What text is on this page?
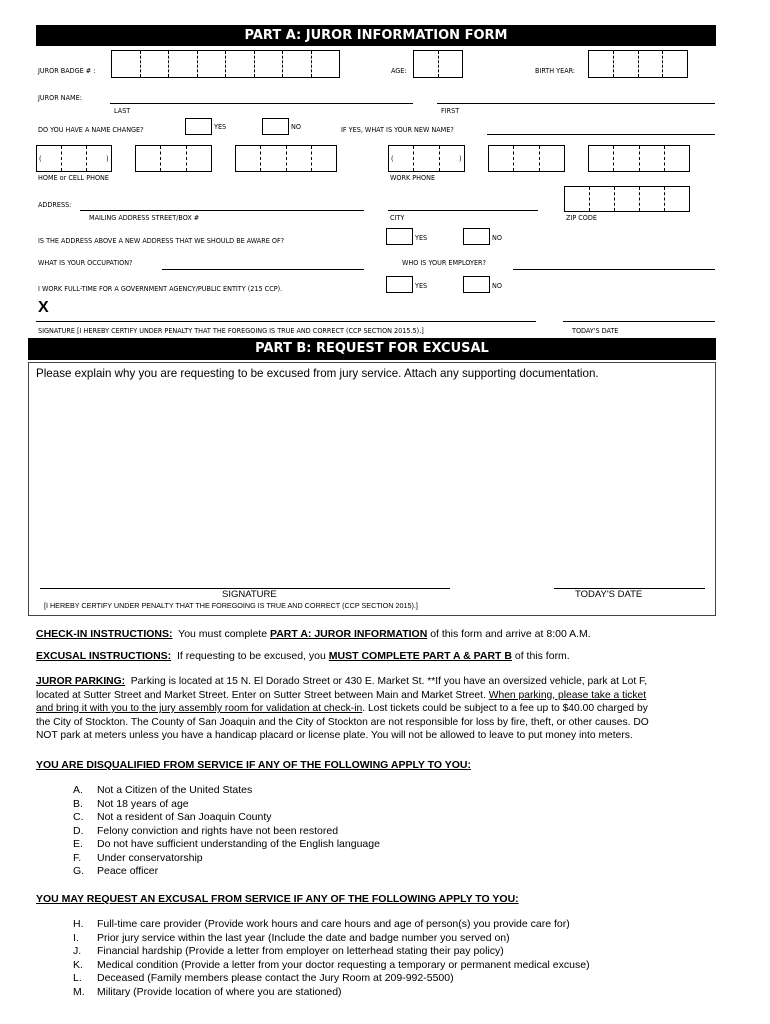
PART A: JUROR INFORMATION FORM
JUROR BADGE # :	AGE:	BIRTH YEAR:
JUROR NAME:
LAST	FIRST
DO YOU HAVE A NAME CHANGE?	YES	NO	IF YES, WHAT IS YOUR NEW NAME?
(	)
HOME or CELL PHONE
(	)
WORK PHONE
ADDRESS:
MAILING ADDRESS STREET/BOX #	CITY	ZIP CODE
IS THE ADDRESS ABOVE A NEW ADDRESS THAT WE SHOULD BE AWARE OF?	YES	NO
WHAT IS YOUR OCCUPATION?	WHO IS YOUR EMPLOYER?
I WORK FULL-TIME FOR A GOVERNMENT AGENCY/PUBLIC ENTITY (215 CCP).	YES	NO
X
SIGNATURE [I HEREBY CERTIFY UNDER PENALTY THAT THE FOREGOING IS TRUE AND CORRECT (CCP SECTION 2015.5).]	TODAY'S DATE
PART B: REQUEST FOR EXCUSAL
Please explain why you are requesting to be excused from jury service. Attach any supporting documentation.
SIGNATURE	TODAY'S DATE
[I HEREBY CERTIFY UNDER PENALTY THAT THE FOREGOING IS TRUE AND CORRECT (CCP SECTION 2015).]
CHECK-IN INSTRUCTIONS: You must complete PART A: JUROR INFORMATION of this form and arrive at 8:00 A.M.
EXCUSAL INSTRUCTIONS: If requesting to be excused, you MUST COMPLETE PART A & PART B of this form.
JUROR PARKING: Parking is located at 15 N. El Dorado Street or 430 E. Market St. **If you have an oversized vehicle, park at Lot F,
located at Sutter Street and Market Street. Enter on Sutter Street between Main and Market Street. When parking, please take a ticket
and bring it with you to the jury assembly room for validation at check-in. Lost tickets could be subject to a fee up to $40.00 charged by
the City of Stockton. The County of San Joaquin and the City of Stockton are not responsible for loss by fire, theft, or other causes. DO
NOT park at meters unless you have a handicap placard or license plate. You will not be allowed to leave to put money into meters.
YOU ARE DISQUALIFIED FROM SERVICE IF ANY OF THE FOLLOWING APPLY TO YOU:
A.	Not a Citizen of the United States
B.	Not 18 years of age
C.	Not a resident of San Joaquin County
D.	Felony conviction and rights have not been restored
E.	Do not have sufficient understanding of the English language
F.	Under conservatorship
G.	Peace officer
YOU MAY REQUEST AN EXCUSAL FROM SERVICE IF ANY OF THE FOLLOWING APPLY TO YOU:
H.	Full-time care provider (Provide work hours and care hours and age of person(s) you provide care for)
I.	Prior jury service within the last year (Include the date and badge number you served on)
J.	Financial hardship (Provide a letter from employer on letterhead stating their pay policy)
K.	Medical condition (Provide a letter from your doctor requesting a temporary or permanent medical excuse)
L.	Deceased (Family members please contact the Jury Room at 209-992-5500)
M.	Military (Provide location of where you are stationed)
